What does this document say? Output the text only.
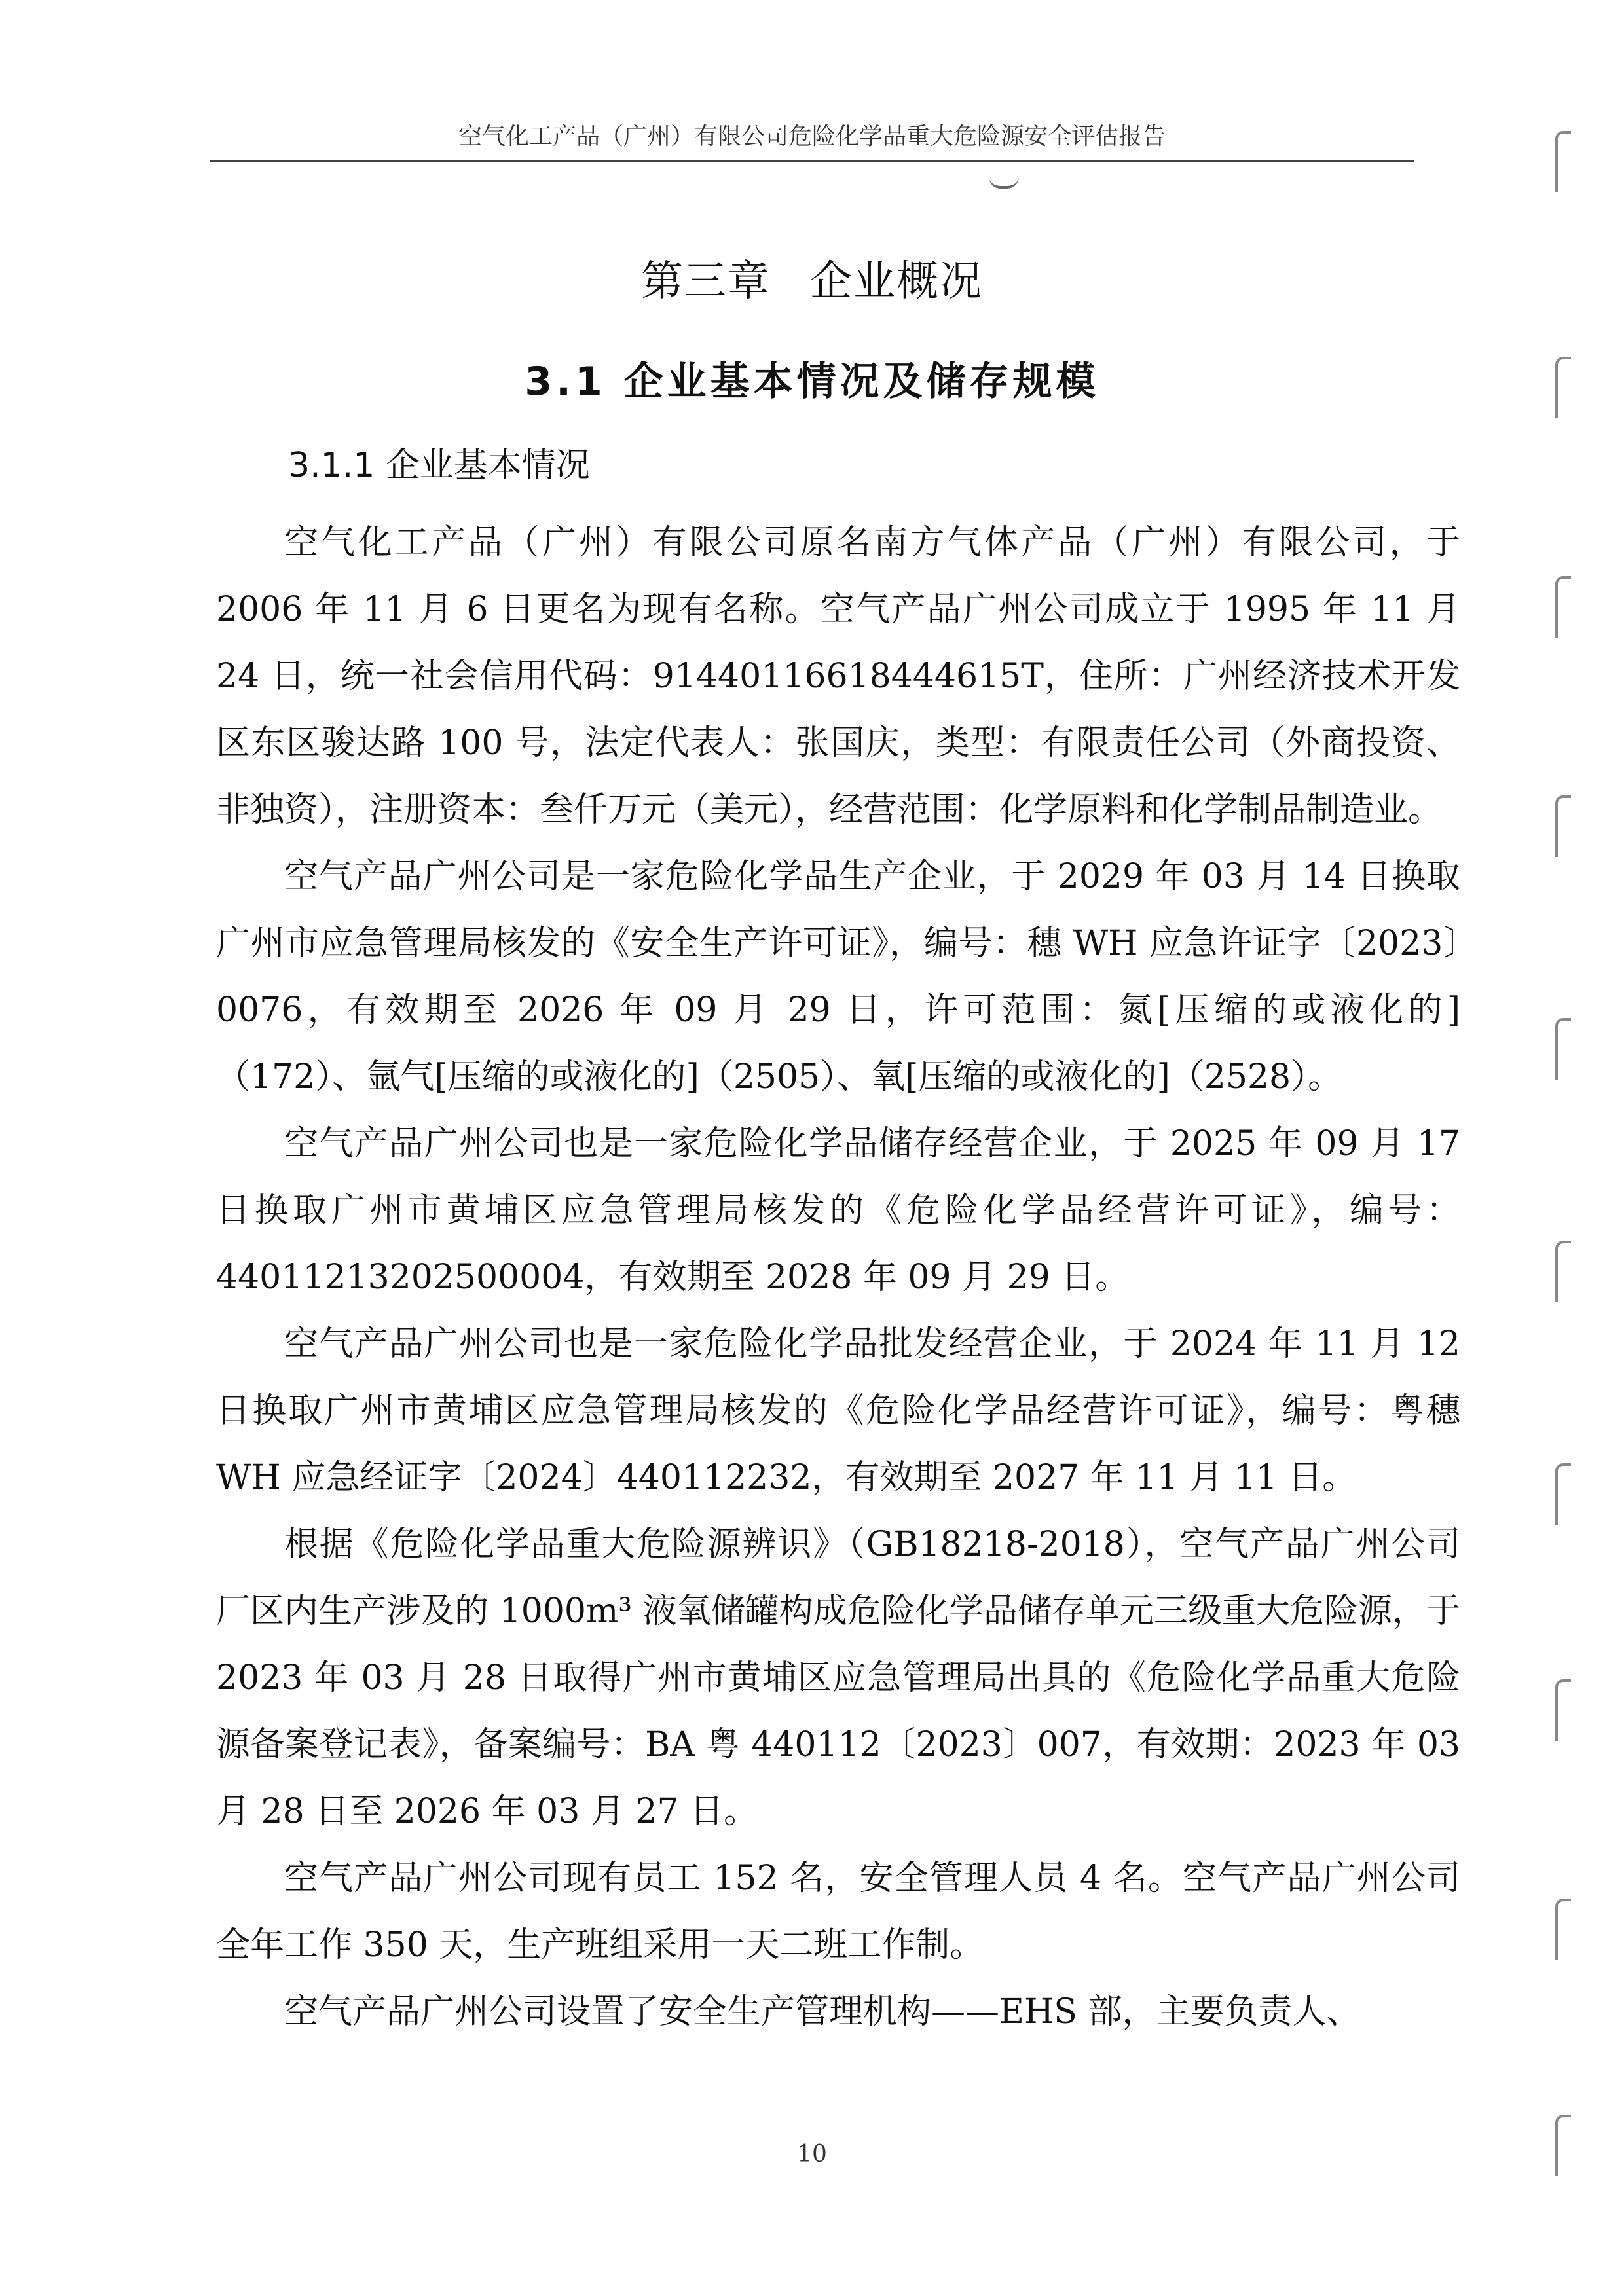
空气化工产品（广州）有限公司危险化学品重大危险源安全评估报告
第三章 企业概况
3.1 企业基本情况及储存规模
3.1.1 企业基本情况

空气化工产品（广州）有限公司原名南方气体产品（广州）有限公司，于 2006 年 11 月 6 日更名为现有名称。空气产品广州公司成立于 1995 年 11 月 24 日，统一社会信用代码：91440116618444615T，住所：广州经济技术开发区东区骏达路 100 号，法定代表人：张国庆，类型：有限责任公司（外商投资、非独资），注册资本：叁仟万元（美元），经营范围：化学原料和化学制品制造业。

空气产品广州公司是一家危险化学品生产企业，于 2029 年 03 月 14 日换取广州市应急管理局核发的《安全生产许可证》，编号：穗 WH 应急许证字〔2023〕0076，有效期至 2026 年 09 月 29 日，许可范围：氮[压缩的或液化的]（172）、氩气[压缩的或液化的]（2505）、氧[压缩的或液化的]（2528）。

空气产品广州公司也是一家危险化学品储存经营企业，于 2025 年 09 月 17 日换取广州市黄埔区应急管理局核发的《危险化学品经营许可证》，编号：44011213202500004，有效期至 2028 年 09 月 29 日。

空气产品广州公司也是一家危险化学品批发经营企业，于 2024 年 11 月 12 日换取广州市黄埔区应急管理局核发的《危险化学品经营许可证》，编号：粤穗 WH 应急经证字〔2024〕440112232，有效期至 2027 年 11 月 11 日。

根据《危险化学品重大危险源辨识》（GB18218-2018），空气产品广州公司厂区内生产涉及的 1000m³ 液氧储罐构成危险化学品储存单元三级重大危险源，于 2023 年 03 月 28 日取得广州市黄埔区应急管理局出具的《危险化学品重大危险源备案登记表》，备案编号：BA 粤 440112〔2023〕007，有效期：2023 年 03 月 28 日至 2026 年 03 月 27 日。

空气产品广州公司现有员工 152 名，安全管理人员 4 名。空气产品广州公司全年工作 350 天，生产班组采用一天二班工作制。

空气产品广州公司设置了安全生产管理机构——EHS 部，主要负责人、

10
